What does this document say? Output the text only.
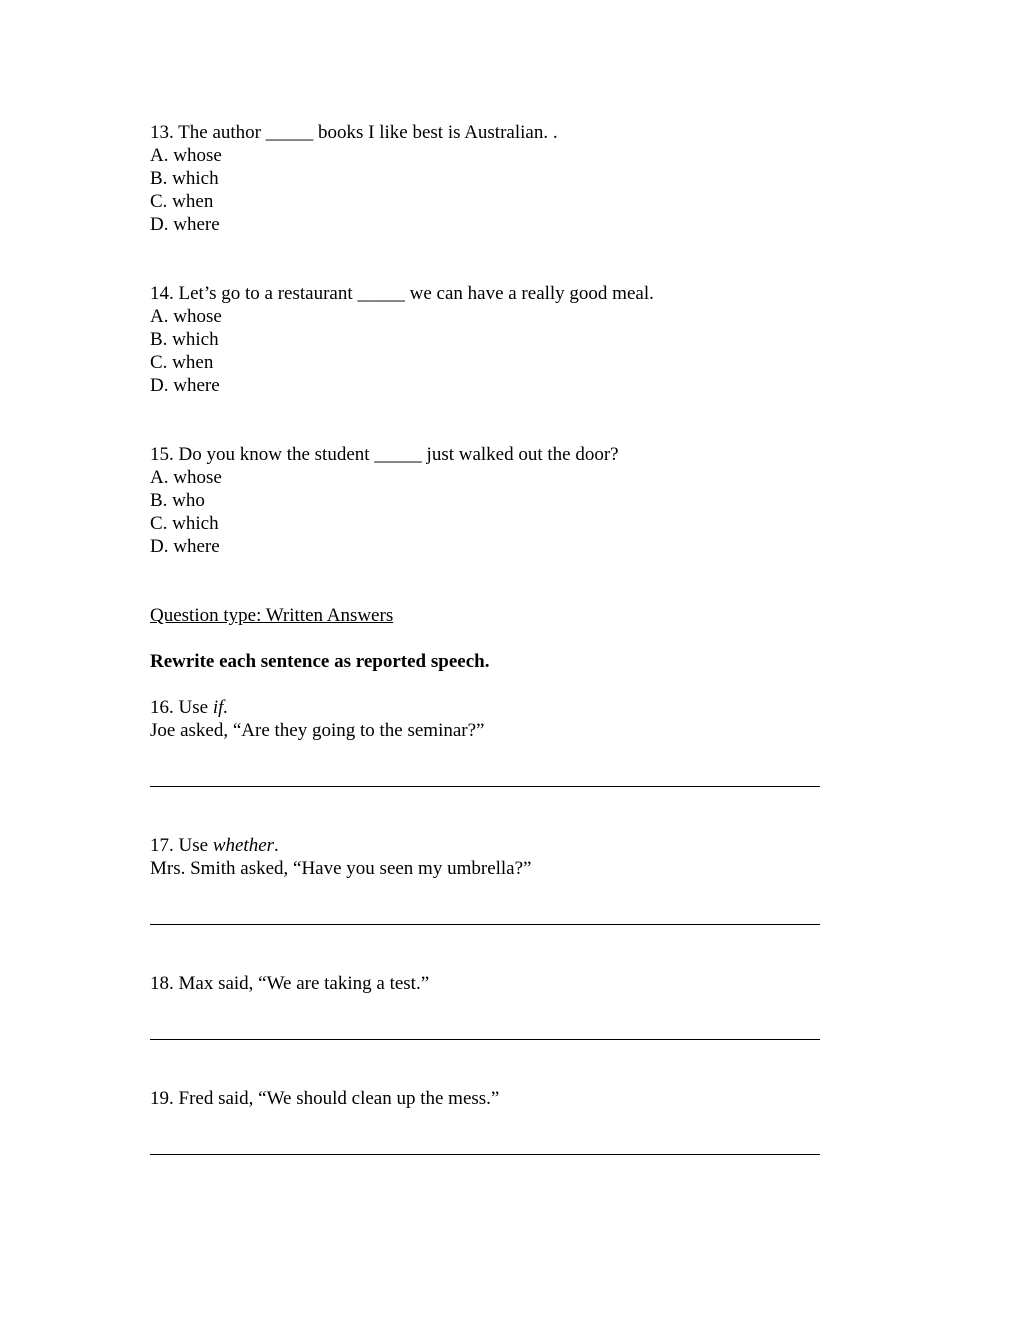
13. The author _____ books I like best is Australian. .
A. whose
B. which
C. when
D. where
14. Let’s go to a restaurant _____ we can have a really good meal.
A. whose
B. which
C. when
D. where
15. Do you know the student _____ just walked out the door?
A. whose
B. who
C. which
D. where
Question type: Written Answers
Rewrite each sentence as reported speech.
16. Use if.
Joe asked, “Are they going to the seminar?”
17. Use whether.
Mrs. Smith asked, “Have you seen my umbrella?”
18. Max said, “We are taking a test.”
19. Fred said, “We should clean up the mess.”
